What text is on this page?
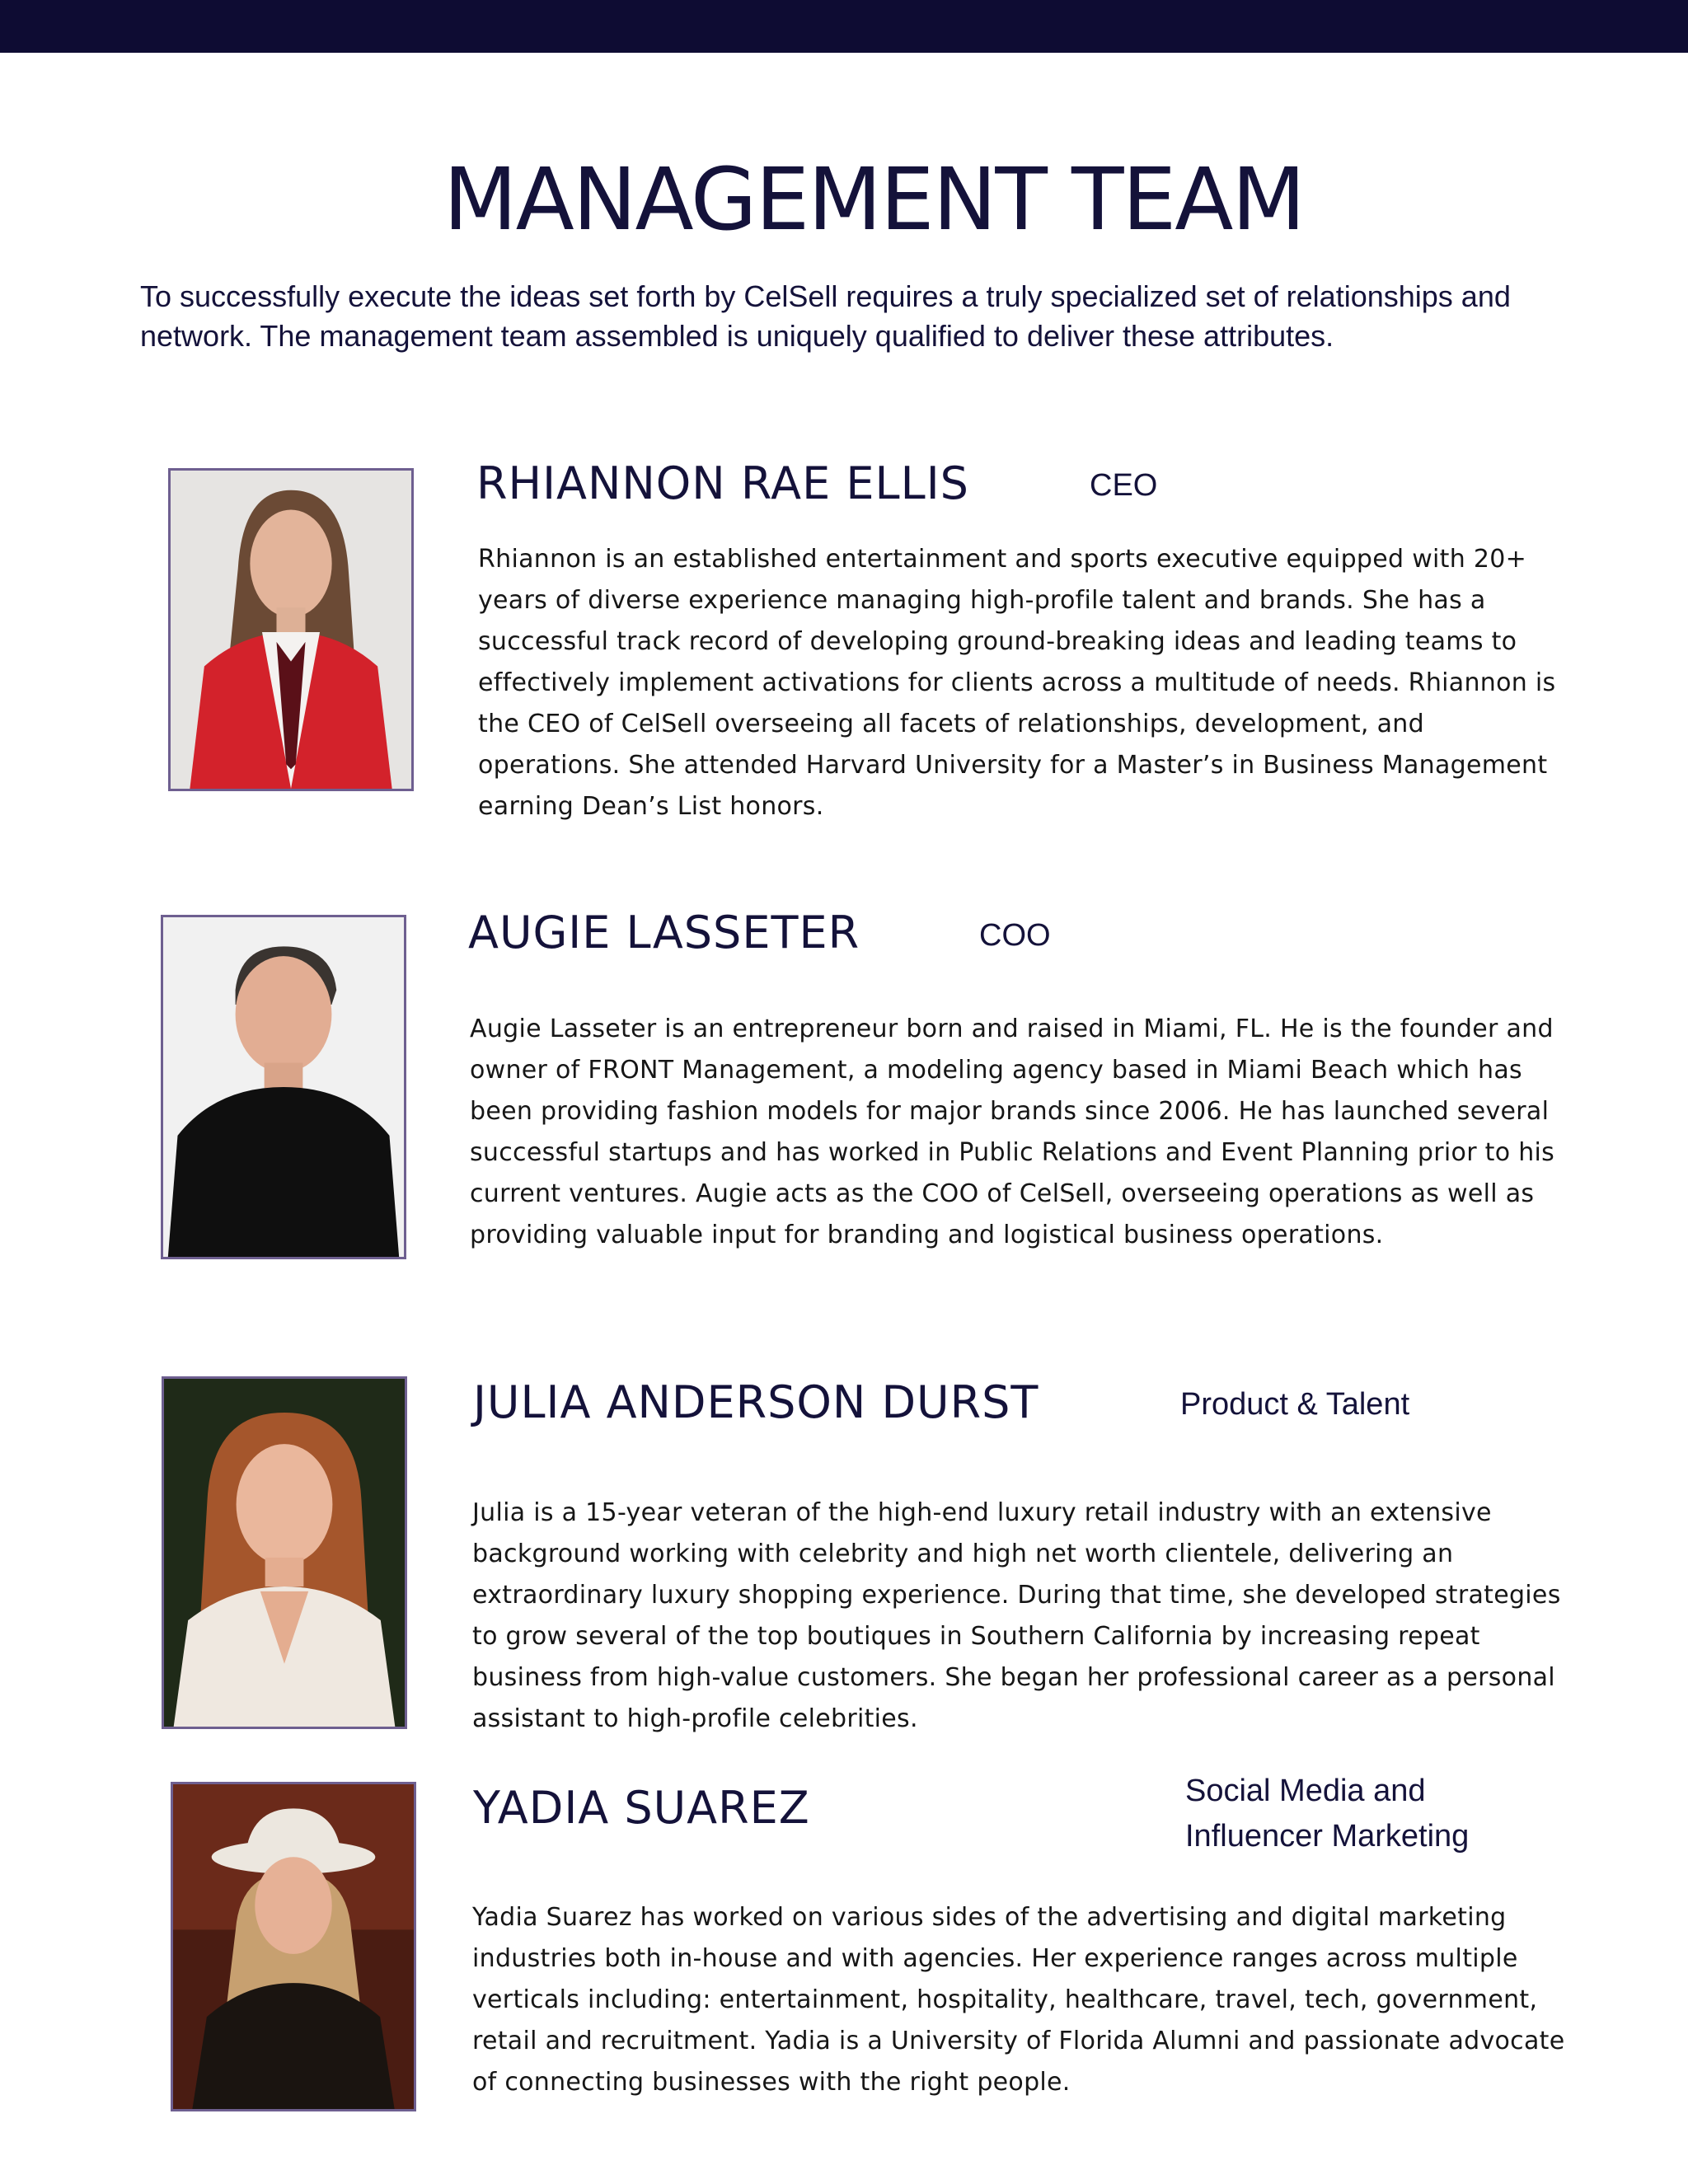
MANAGEMENT TEAM

To successfully execute the ideas set forth by CelSell requires a truly specialized set of relationships and network. The management team assembled is uniquely qualified to deliver these attributes.

RHIANNON RAE ELLIS	CEO

Rhiannon is an established entertainment and sports executive equipped with 20+ years of diverse experience managing high-profile talent and brands. She has a successful track record of developing ground-breaking ideas and leading teams to effectively implement activations for clients across a multitude of needs. Rhiannon is the CEO of CelSell overseeing all facets of relationships, development, and operations. She attended Harvard University for a Master’s in Business Management earning Dean’s List honors.

AUGIE LASSETER	COO

Augie Lasseter is an entrepreneur born and raised in Miami, FL. He is the founder and owner of FRONT Management, a modeling agency based in Miami Beach which has been providing fashion models for major brands since 2006. He has launched several successful startups and has worked in Public Relations and Event Planning prior to his current ventures. Augie acts as the COO of CelSell, overseeing operations as well as providing valuable input for branding and logistical business operations.

JULIA ANDERSON DURST	Product & Talent

Julia is a 15-year veteran of the high-end luxury retail industry with an extensive background working with celebrity and high net worth clientele, delivering an extraordinary luxury shopping experience. During that time, she developed strategies to grow several of the top boutiques in Southern California by increasing repeat business from high-value customers. She began her professional career as a personal assistant to high-profile celebrities.

YADIA SUAREZ	Social Media and
Influencer Marketing

Yadia Suarez has worked on various sides of the advertising and digital marketing industries both in-house and with agencies. Her experience ranges across multiple verticals including: entertainment, hospitality, healthcare, travel, tech, government, retail and recruitment. Yadia is a University of Florida Alumni and passionate advocate of connecting businesses with the right people.
